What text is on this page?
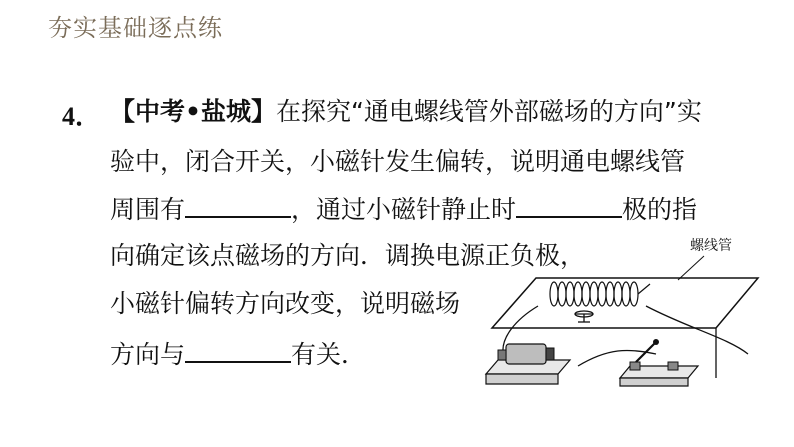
夯实基础逐点练
4． 【中考•盐城】在探究“通电螺线管外部磁场的方向”实
验中，闭合开关，小磁针发生偏转，说明通电螺线管
周围有	，通过小磁针静止时	极的指
向确定该点磁场的方向．调换电源正负极，
小磁针偏转方向改变，说明磁场
方向与	有关．
螺线管
